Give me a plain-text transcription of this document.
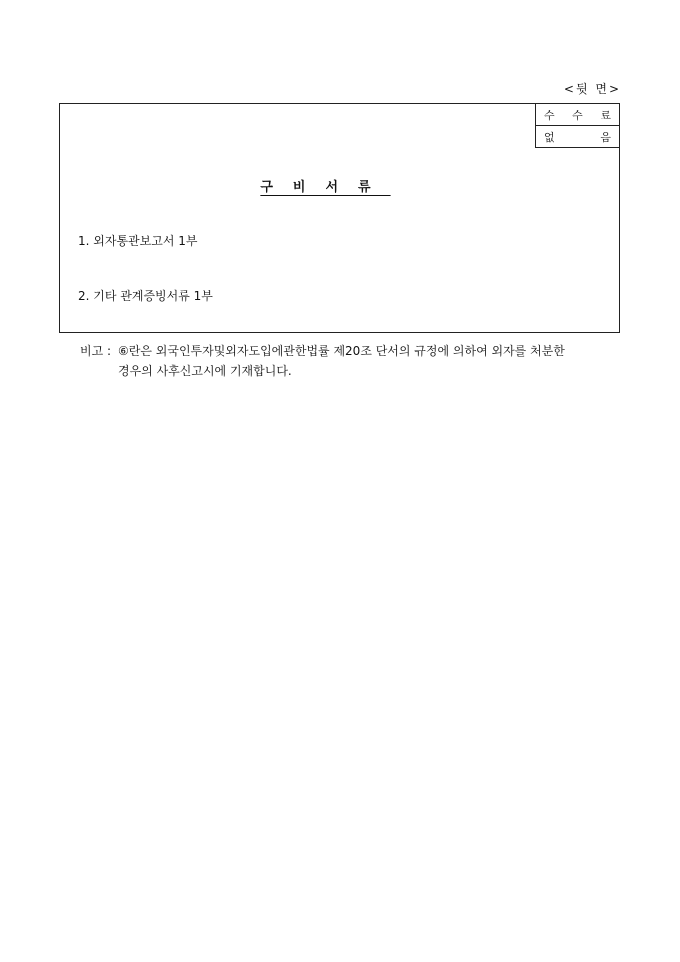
<뒷 면>
수 수 료

없	음
구비서류
1. 외자통관보고서 1부
2. 기타 관계증빙서류 1부
비고 : ⑥란은 외국인투자및외자도입에관한법률 제20조 단서의 규정에 의하여 외자를 처분한
경우의 사후신고시에 기재합니다.
